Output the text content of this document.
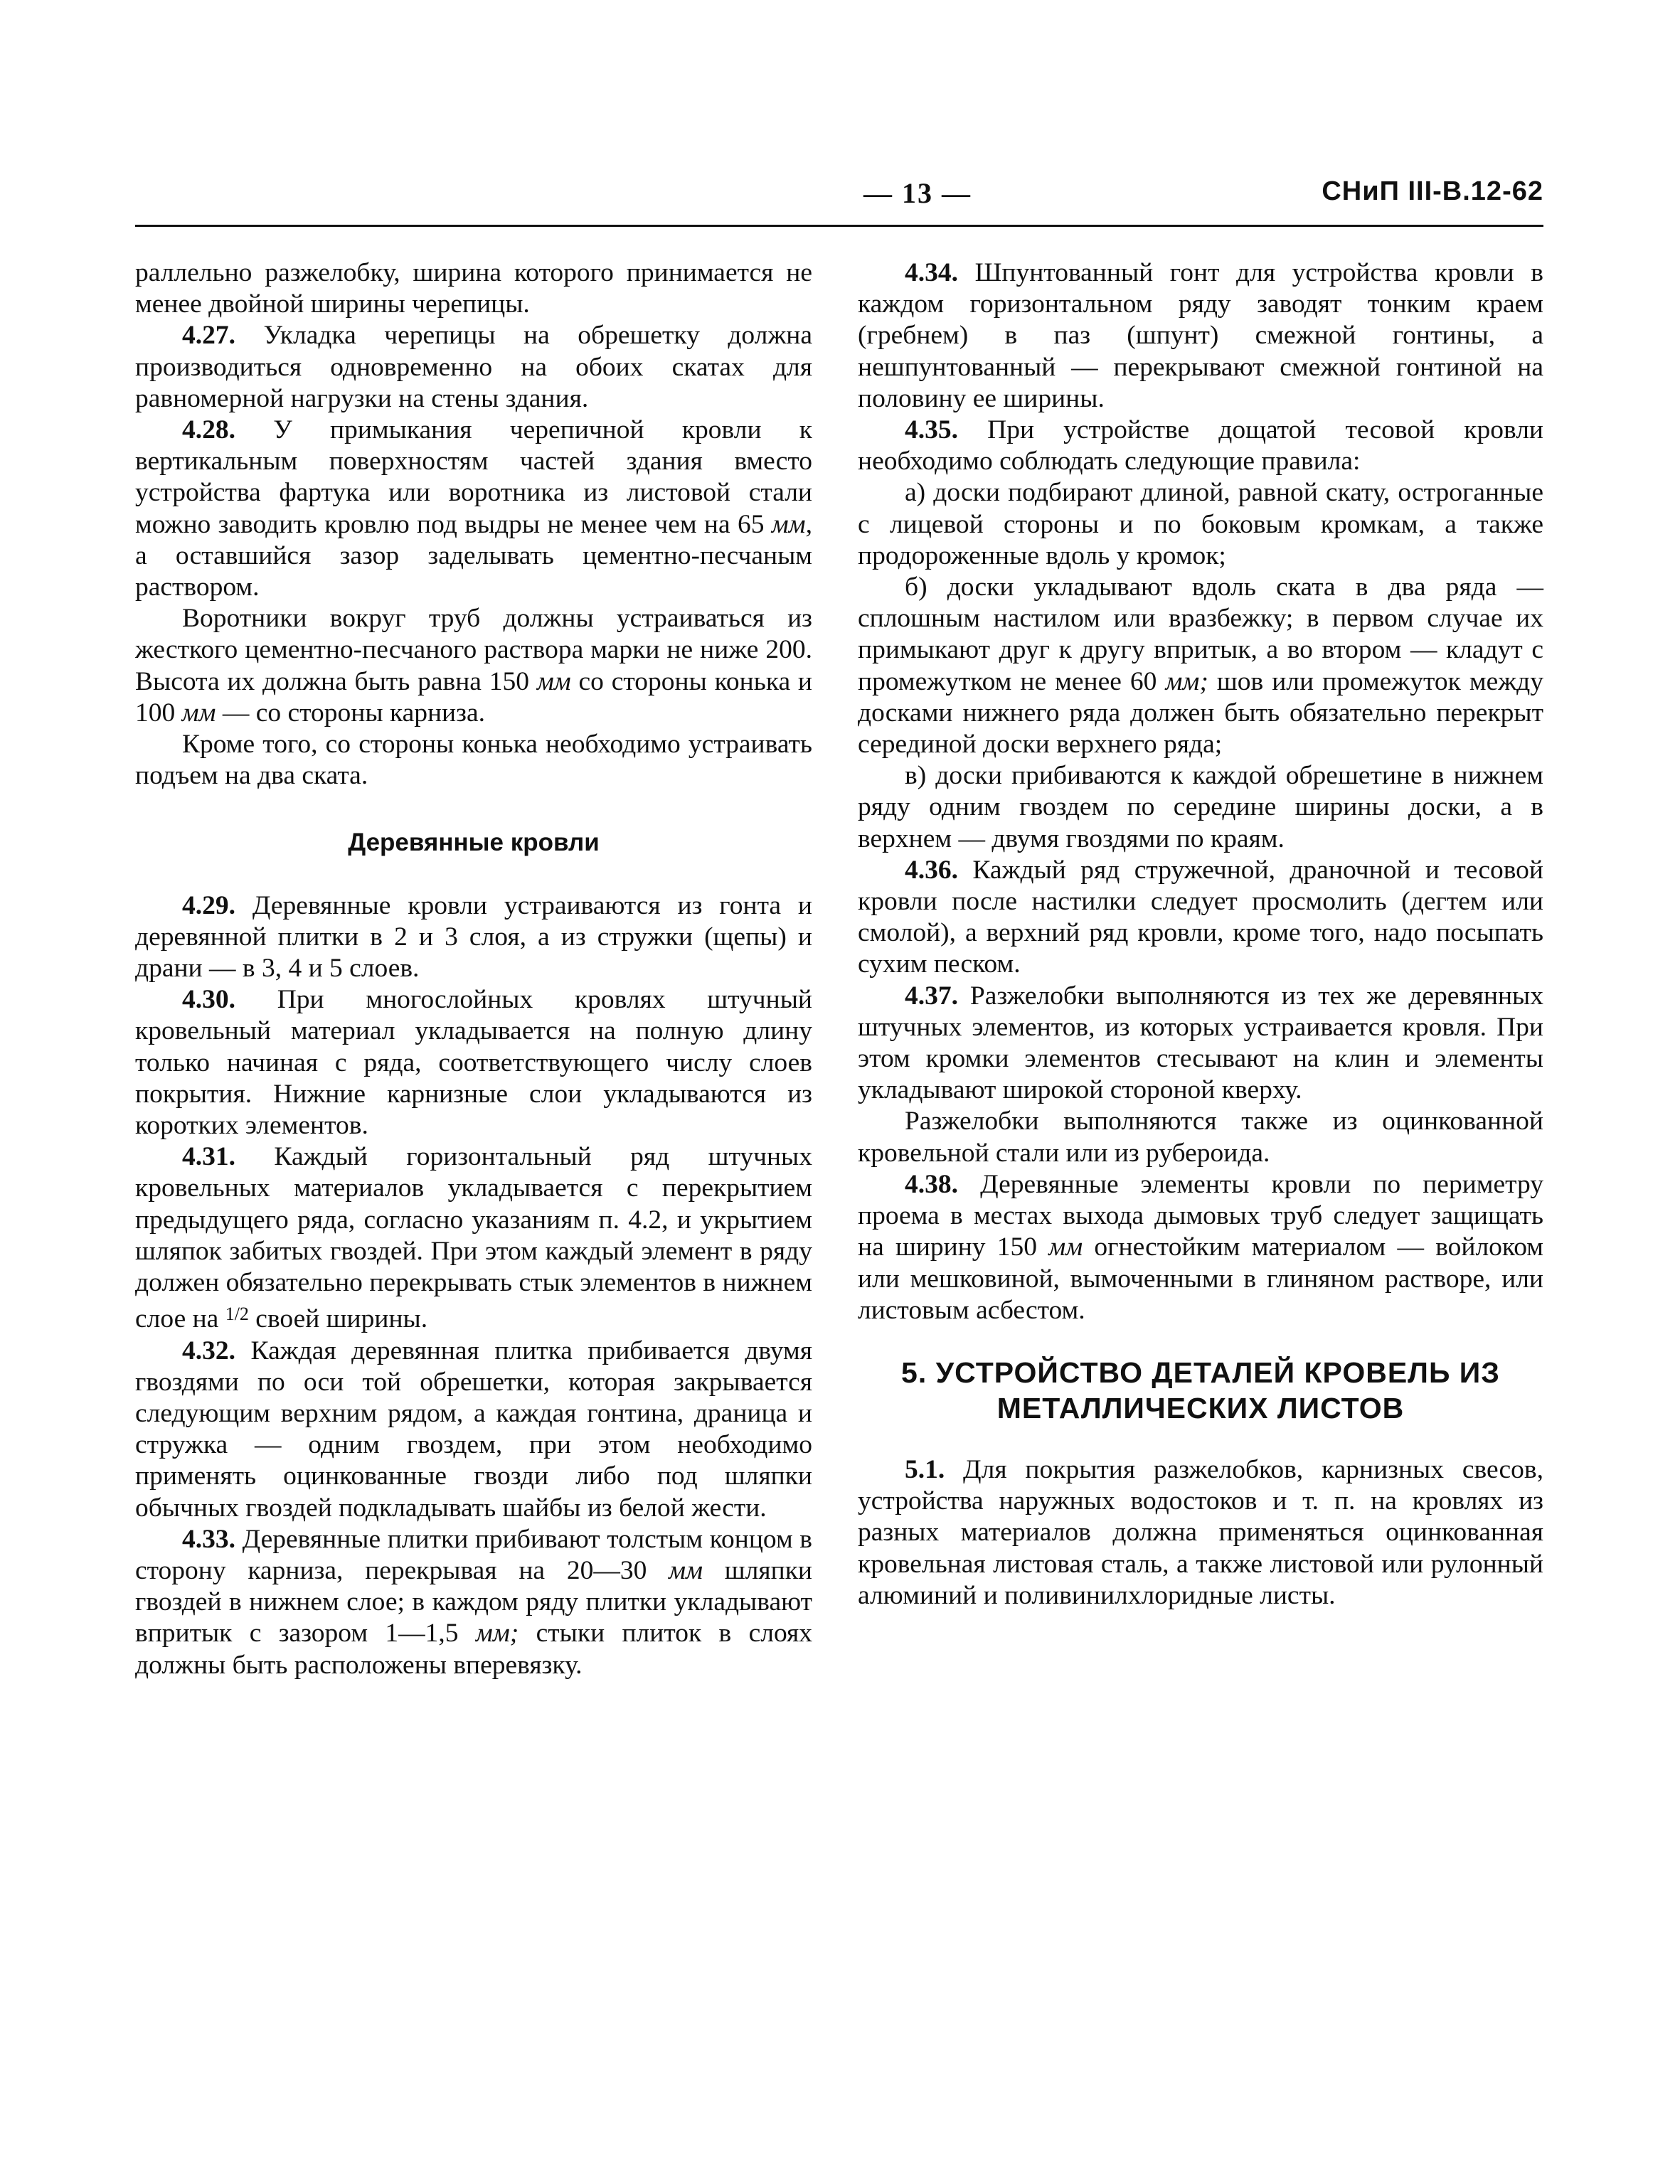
— 13 —	СНиП III-В.12-62

раллельно разжелобку, ширина которого принимается не менее двойной ширины черепицы.

4.27. Укладка черепицы на обрешетку должна производиться одновременно на обоих скатах для равномерной нагрузки на стены здания.

4.28. У примыкания черепичной кровли к вертикальным поверхностям частей здания вместо устройства фартука или воротника из листовой стали можно заводить кровлю под выдры не менее чем на 65 мм, а оставшийся зазор заделывать цементно-песчаным раствором.

Воротники вокруг труб должны устраиваться из жесткого цементно-песчаного раствора марки не ниже 200. Высота их должна быть равна 150 мм со стороны конька и 100 мм — со стороны карниза.

Кроме того, со стороны конька необходимо устраивать подъем на два ската.

Деревянные кровли

4.29. Деревянные кровли устраиваются из гонта и деревянной плитки в 2 и 3 слоя, а из стружки (щепы) и драни — в 3, 4 и 5 слоев.

4.30. При многослойных кровлях штучный кровельный материал укладывается на полную длину только начиная с ряда, соответствующего числу слоев покрытия. Нижние карнизные слои укладываются из коротких элементов.

4.31. Каждый горизонтальный ряд штучных кровельных материалов укладывается с перекрытием предыдущего ряда, согласно указаниям п. 4.2, и укрытием шляпок забитых гвоздей. При этом каждый элемент в ряду должен обязательно перекрывать стык элементов в нижнем слое на $^{1/2}$ своей ширины.

4.32. Каждая деревянная плитка прибивается двумя гвоздями по оси той обрешетки, которая закрывается следующим верхним рядом, а каждая гонтина, драница и стружка — одним гвоздем, при этом необходимо применять оцинкованные гвозди либо под шляпки обычных гвоздей подкладывать шайбы из белой жести.

4.33. Деревянные плитки прибивают толстым концом в сторону карниза, перекрывая на 20—30 мм шляпки гвоздей в нижнем слое; в каждом ряду плитки укладывают впритык с зазором 1—1,5 мм; стыки плиток в слоях должны быть расположены вперевязку.

4.34. Шпунтованный гонт для устройства кровли в каждом горизонтальном ряду заводят тонким краем (гребнем) в паз (шпунт) смежной гонтины, а нешпунтованный — перекрывают смежной гонтиной на половину ее ширины.

4.35. При устройстве дощатой тесовой кровли необходимо соблюдать следующие правила:

а) доски подбирают длиной, равной скату, остроганные с лицевой стороны и по боковым кромкам, а также продороженные вдоль у кромок;

б) доски укладывают вдоль ската в два ряда — сплошным настилом или вразбежку; в первом случае их примыкают друг к другу впритык, а во втором — кладут с промежутком не менее 60 мм; шов или промежуток между досками нижнего ряда должен быть обязательно перекрыт серединой доски верхнего ряда;

в) доски прибиваются к каждой обрешетине в нижнем ряду одним гвоздем по середине ширины доски, а в верхнем — двумя гвоздями по краям.

4.36. Каждый ряд стружечной, драночной и тесовой кровли после настилки следует просмолить (дегтем или смолой), а верхний ряд кровли, кроме того, надо посыпать сухим песком.

4.37. Разжелобки выполняются из тех же деревянных штучных элементов, из которых устраивается кровля. При этом кромки элементов стесывают на клин и элементы укладывают широкой стороной кверху.

Разжелобки выполняются также из оцинкованной кровельной стали или из рубероида.

4.38. Деревянные элементы кровли по периметру проема в местах выхода дымовых труб следует защищать на ширину 150 мм огнестойким материалом — войлоком или мешковиной, вымоченными в глиняном растворе, или листовым асбестом.

5. УСТРОЙСТВО ДЕТАЛЕЙ КРОВЕЛЬ ИЗ МЕТАЛЛИЧЕСКИХ ЛИСТОВ

5.1. Для покрытия разжелобков, карнизных свесов, устройства наружных водостоков и т. п. на кровлях из разных материалов должна применяться оцинкованная кровельная листовая сталь, а также листовой или рулонный алюминий и поливинилхлоридные листы.
